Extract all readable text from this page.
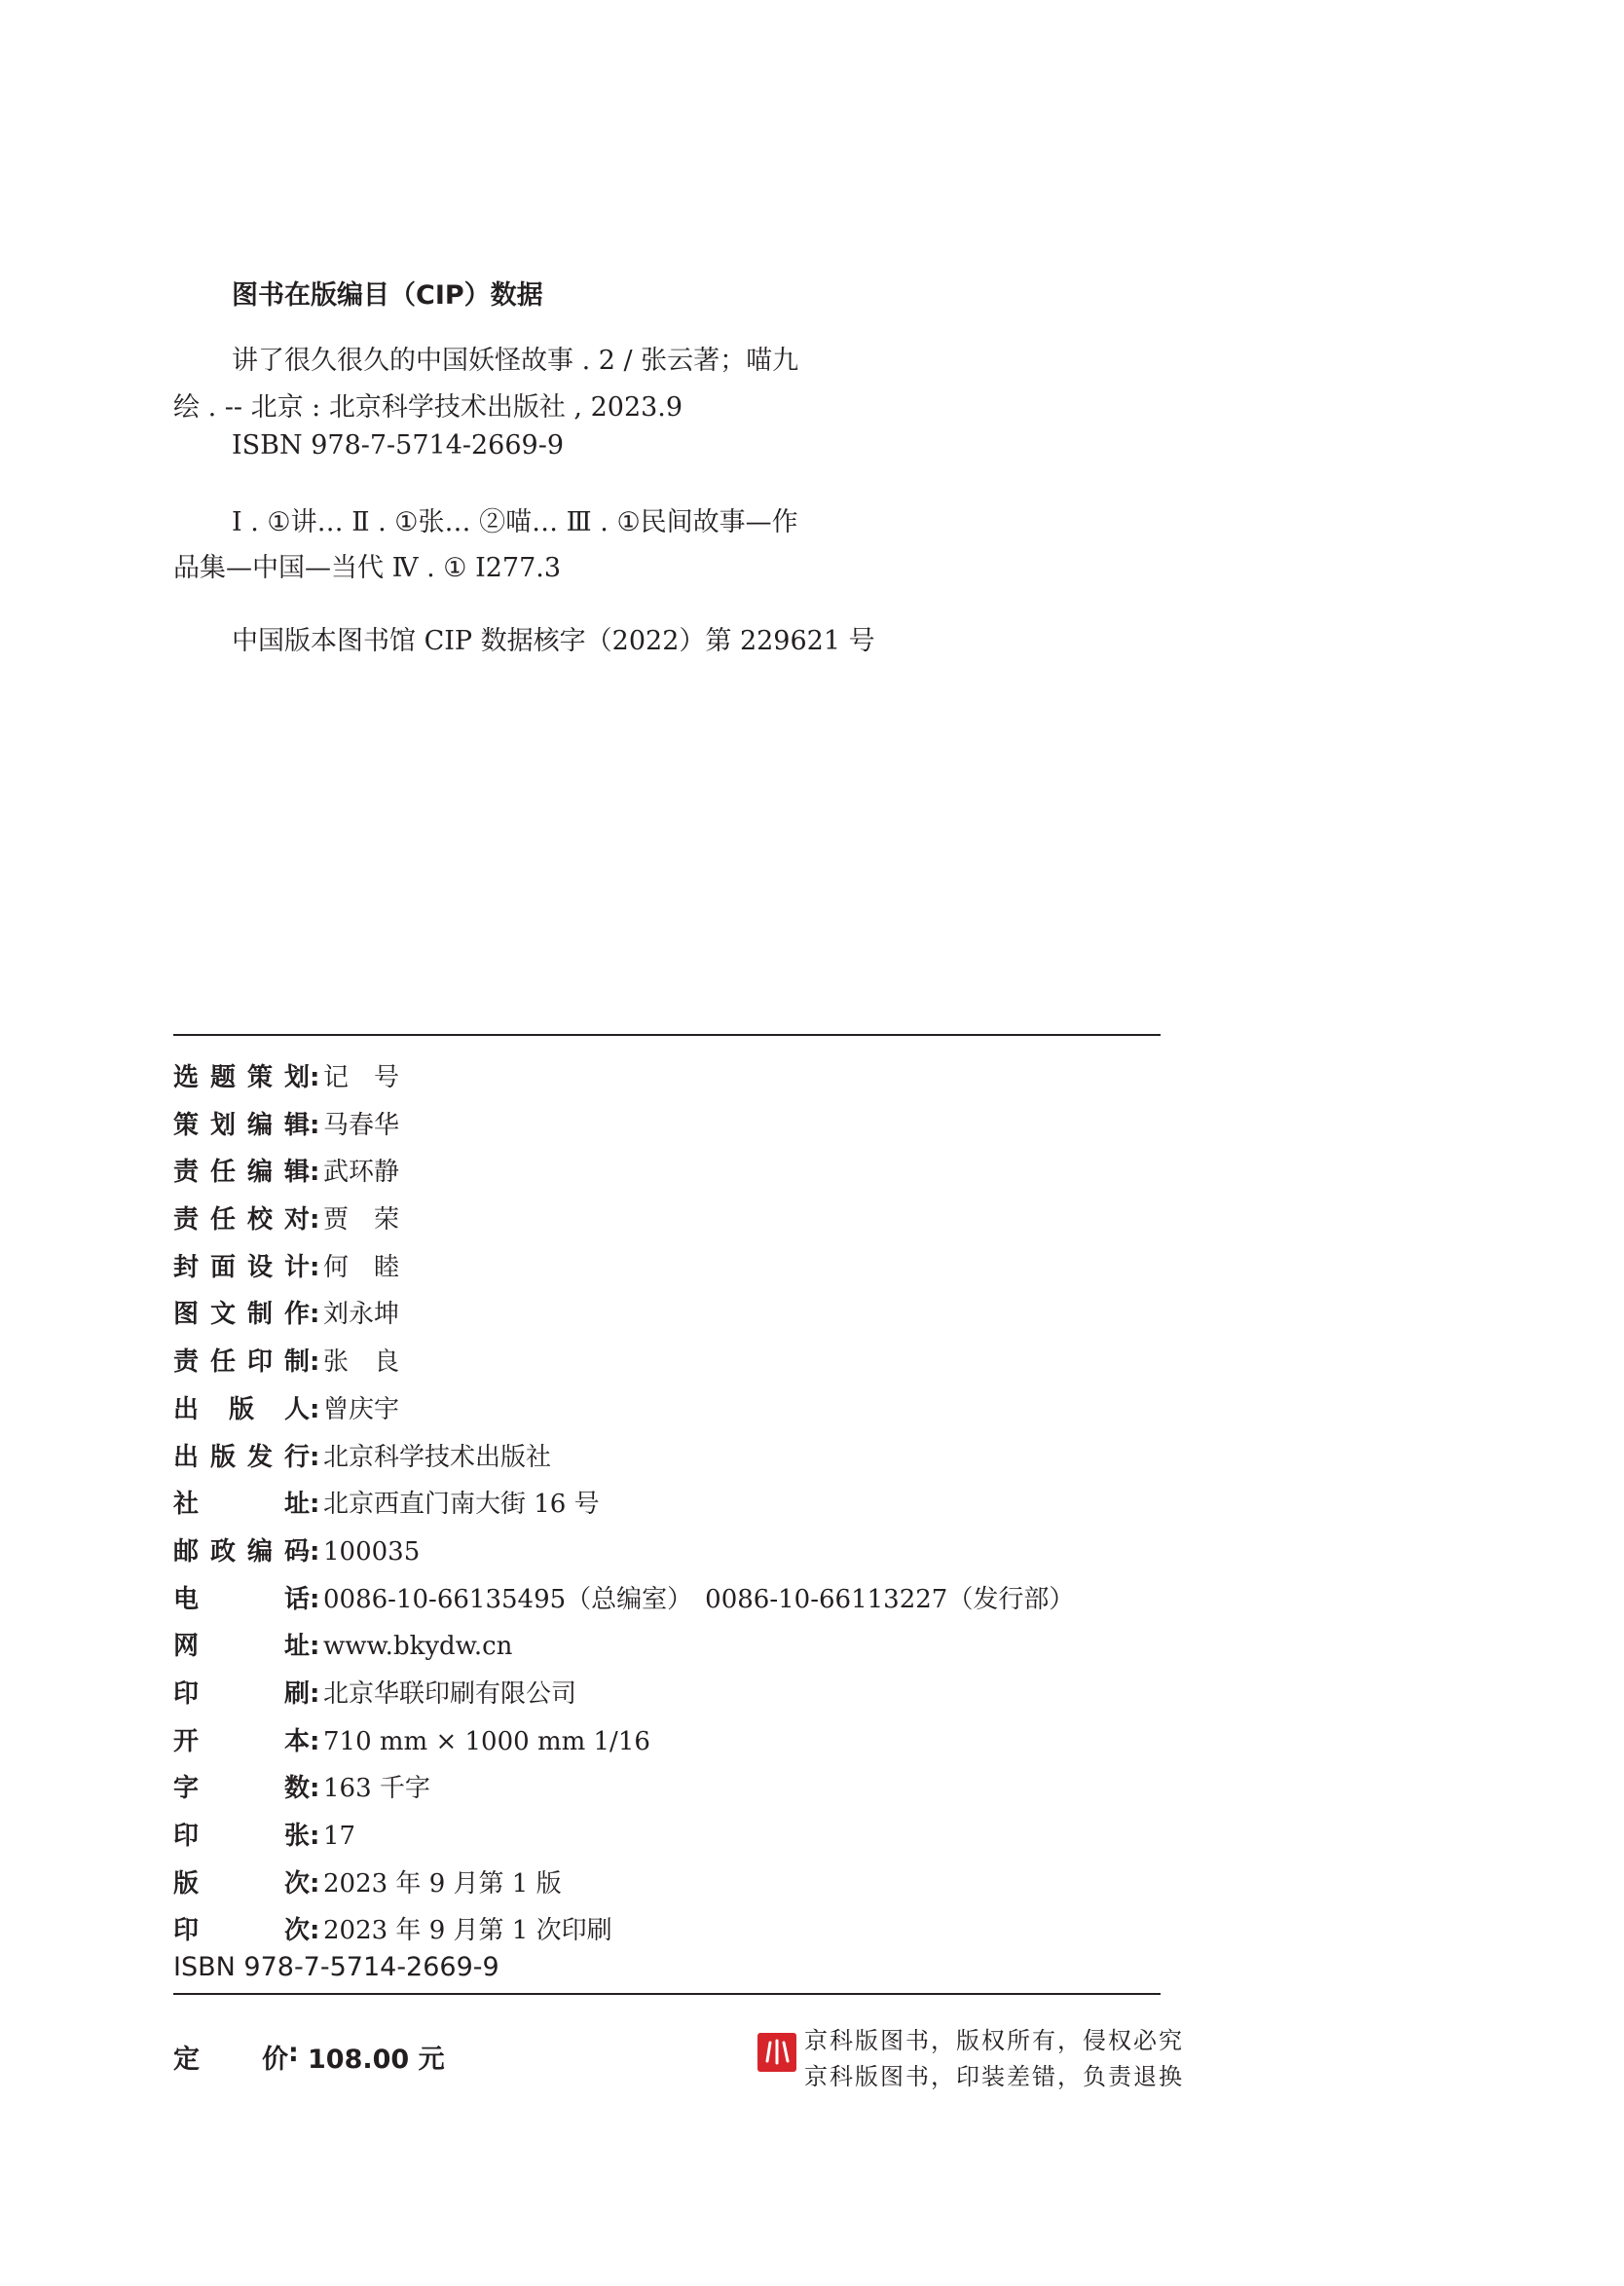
图书在版编目（CIP）数据
讲了很久很久的中国妖怪故事 . 2 / 张云著；喵九
绘 . -- 北京 : 北京科学技术出版社 , 2023.9
ISBN 978-7-5714-2669-9
Ⅰ . ①讲… Ⅱ . ①张… ②喵… Ⅲ . ①民间故事—作
品集—中国—当代 Ⅳ . ① I277.3
中国版本图书馆 CIP 数据核字（2022）第 229621 号
选题策划 : 记　号
策划编辑 : 马春华
责任编辑 : 武环静
责任校对 : 贾　荣
封面设计 : 何　睦
图文制作 : 刘永坤
责任印制 : 张　良
出版人 : 曾庆宇
出版发行 : 北京科学技术出版社
社址 : 北京西直门南大街 16 号
邮政编码 : 100035
电话 : 0086-10-66135495（总编室）　0086-10-66113227（发行部）
网址 : www.bkydw.cn
印刷 : 北京华联印刷有限公司
开本 : 710 mm × 1000 mm 1/16
字数 : 163 千字
印张 : 17
版次 : 2023 年 9 月第 1 版
印次 : 2023 年 9 月第 1 次印刷
ISBN 978-7-5714-2669-9
定价 : 108.00 元
京科版图书，版权所有，侵权必究
京科版图书，印装差错，负责退换
